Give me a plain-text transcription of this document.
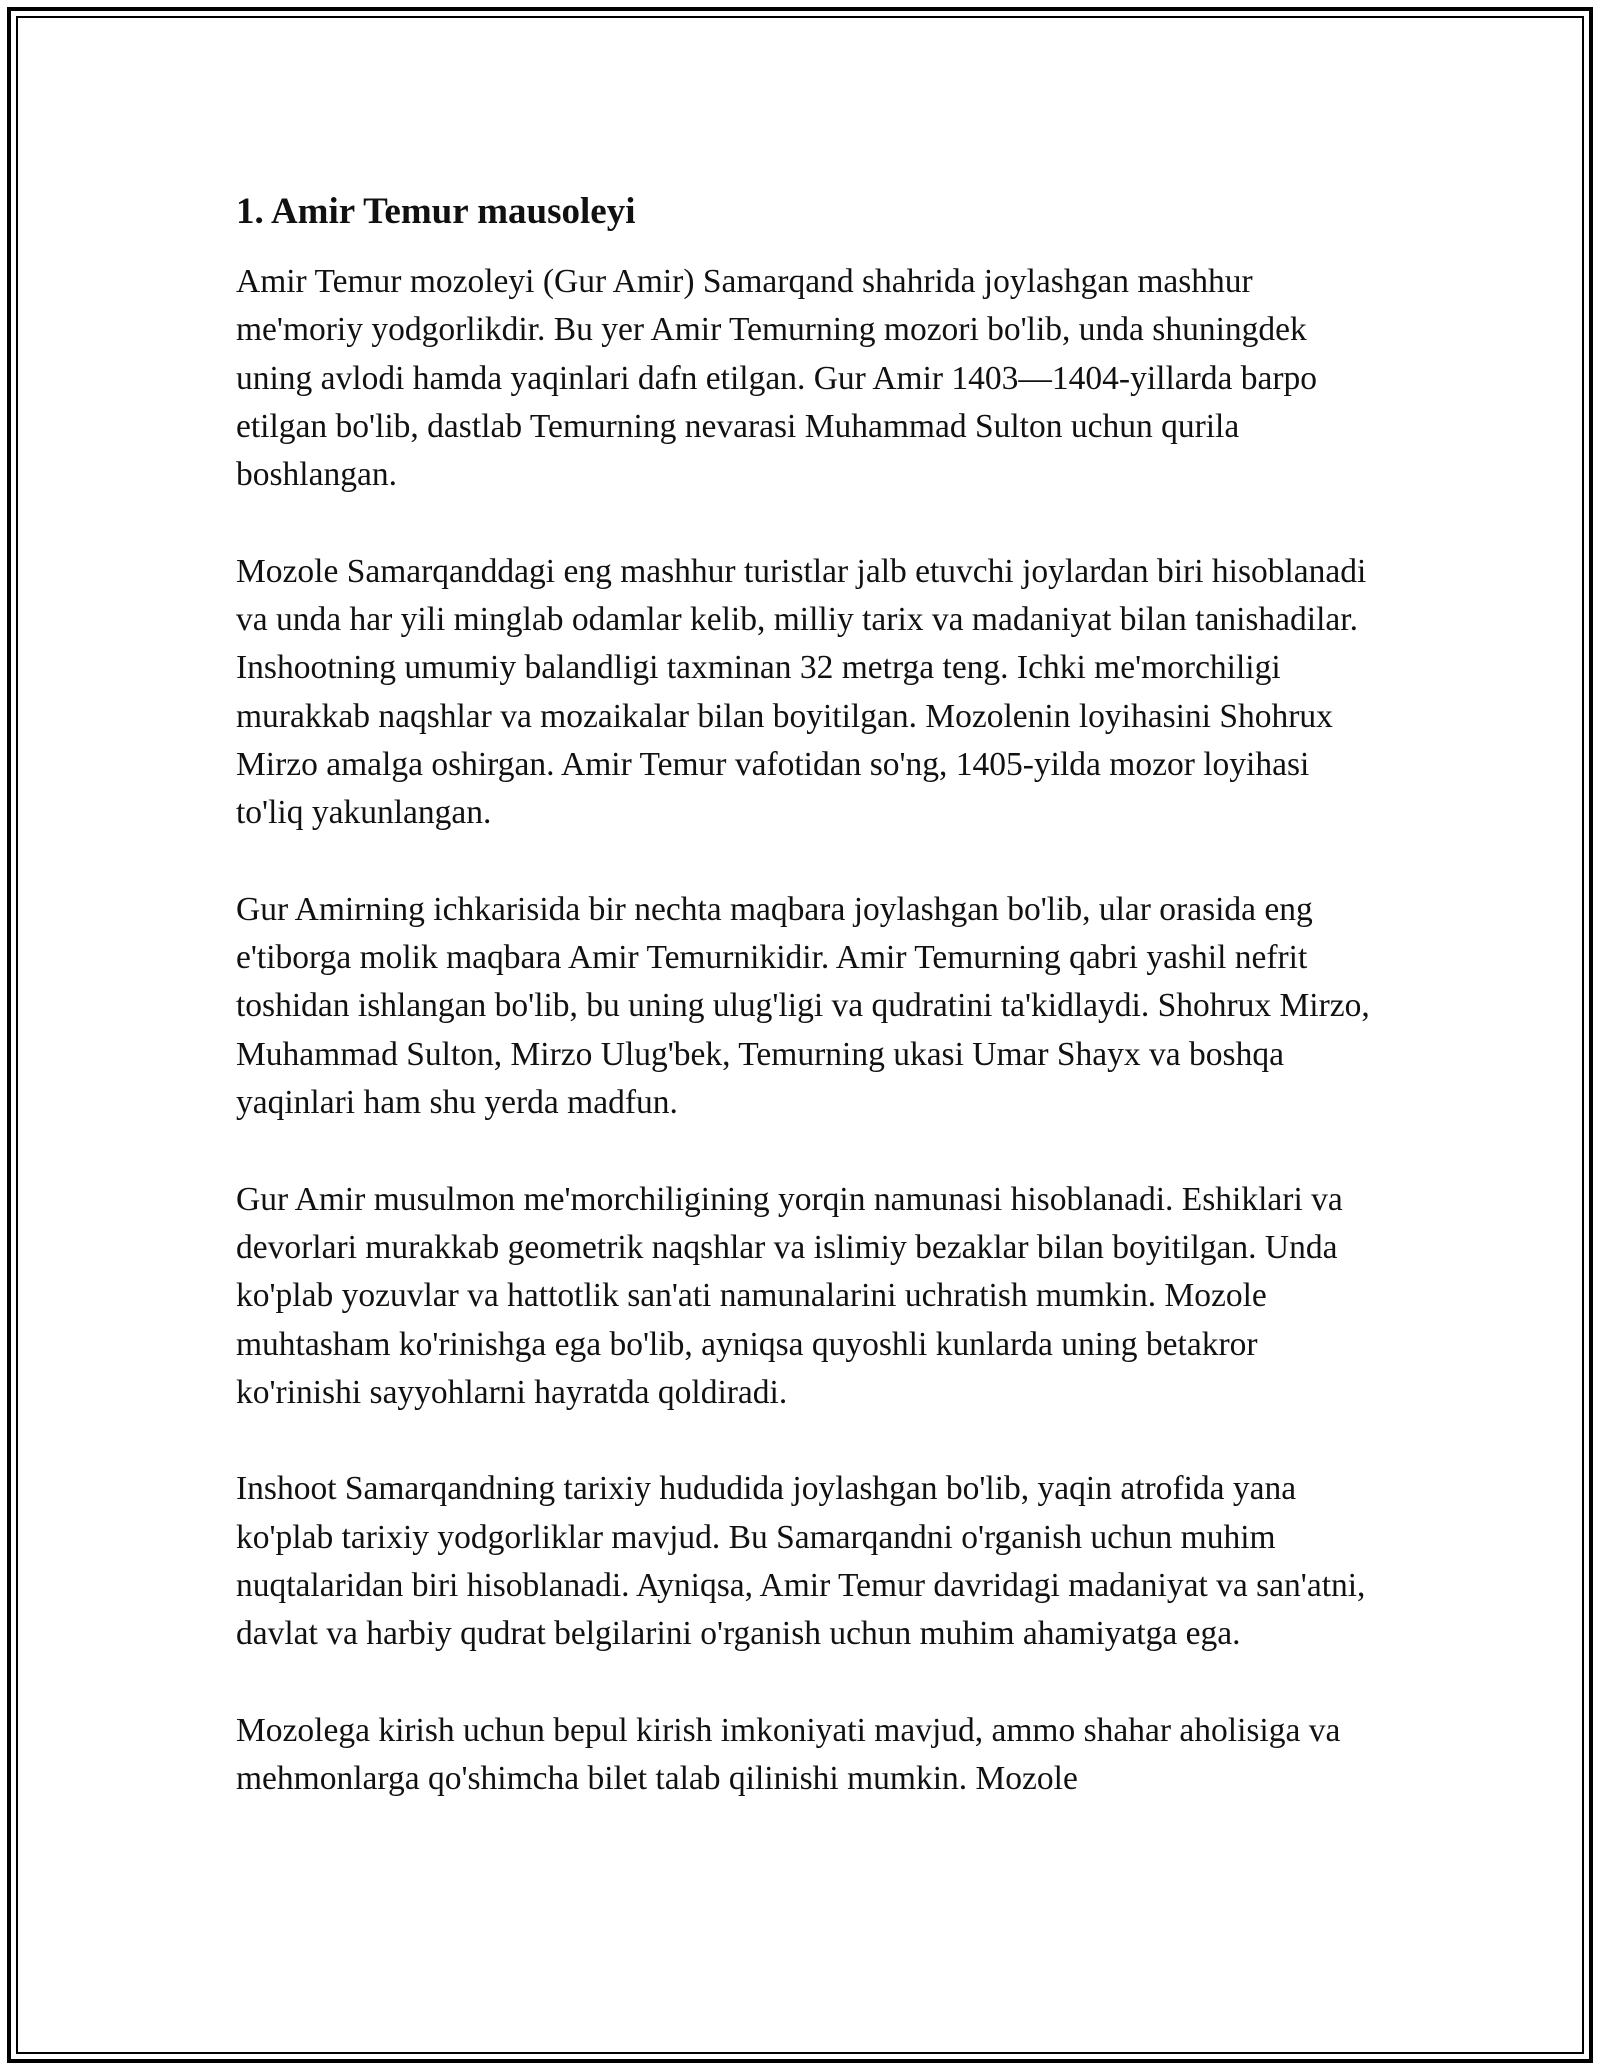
1. Amir Temur mausoleyi

Amir Temur mozoleyi (Gur Amir) Samarqand shahrida joylashgan mashhur me'moriy yodgorlikdir. Bu yer Amir Temurning mozori bo'lib, unda shuningdek uning avlodi hamda yaqinlari dafn etilgan. Gur Amir 1403—1404-yillarda barpo etilgan bo'lib, dastlab Temurning nevarasi Muhammad Sulton uchun qurila boshlangan.

Mozole Samarqanddagi eng mashhur turistlar jalb etuvchi joylardan biri hisoblanadi va unda har yili minglab odamlar kelib, milliy tarix va madaniyat bilan tanishadilar. Inshootning umumiy balandligi taxminan 32 metrga teng. Ichki me'morchiligi murakkab naqshlar va mozaikalar bilan boyitilgan. Mozolenin loyihasini Shohrux Mirzo amalga oshirgan. Amir Temur vafotidan so'ng, 1405-yilda mozor loyihasi to'liq yakunlangan.

Gur Amirning ichkarisida bir nechta maqbara joylashgan bo'lib, ular orasida eng e'tiborga molik maqbara Amir Temurnikidir. Amir Temurning qabri yashil nefrit toshidan ishlangan bo'lib, bu uning ulug'ligi va qudratini ta'kidlaydi. Shohrux Mirzo, Muhammad Sulton, Mirzo Ulug'bek, Temurning ukasi Umar Shayx va boshqa yaqinlari ham shu yerda madfun.

Gur Amir musulmon me'morchiligining yorqin namunasi hisoblanadi. Eshiklari va devorlari murakkab geometrik naqshlar va islimiy bezaklar bilan boyitilgan. Unda ko'plab yozuvlar va hattotlik san'ati namunalarini uchratish mumkin. Mozole muhtasham ko'rinishga ega bo'lib, ayniqsa quyoshli kunlarda uning betakror ko'rinishi sayyohlarni hayratda qoldiradi.

Inshoot Samarqandning tarixiy hududida joylashgan bo'lib, yaqin atrofida yana ko'plab tarixiy yodgorliklar mavjud. Bu Samarqandni o'rganish uchun muhim nuqtalaridan biri hisoblanadi. Ayniqsa, Amir Temur davridagi madaniyat va san'atni, davlat va harbiy qudrat belgilarini o'rganish uchun muhim ahamiyatga ega.

Mozolega kirish uchun bepul kirish imkoniyati mavjud, ammo shahar aholisiga va mehmonlarga qo'shimcha bilet talab qilinishi mumkin. Mozole
